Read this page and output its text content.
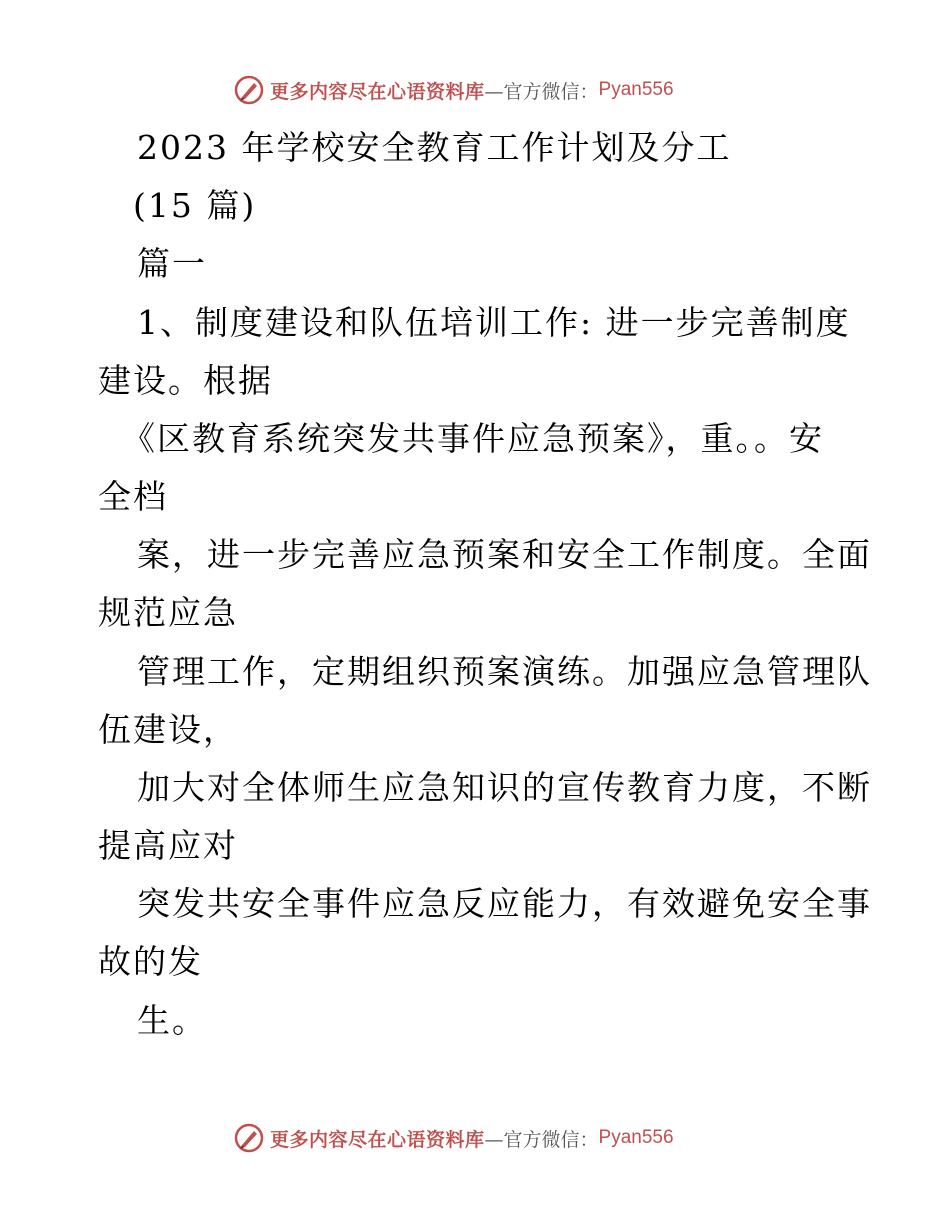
更多内容尽在心语资料库 —官方微信： Pyan556
2023 年学校安全教育工作计划及分工
(15 篇)
篇一
1、制度建设和队伍培训工作: 进一步完善制度
建设。根据
《区教育系统突发共事件应急预案》，重。。安
全档
案，进一步完善应急预案和安全工作制度。全面
规范应急
管理工作，定期组织预案演练。加强应急管理队
伍建设，
加大对全体师生应急知识的宣传教育力度，不断
提高应对
突发共安全事件应急反应能力，有效避免安全事
故的发
生。
更多内容尽在心语资料库 —官方微信： Pyan556
